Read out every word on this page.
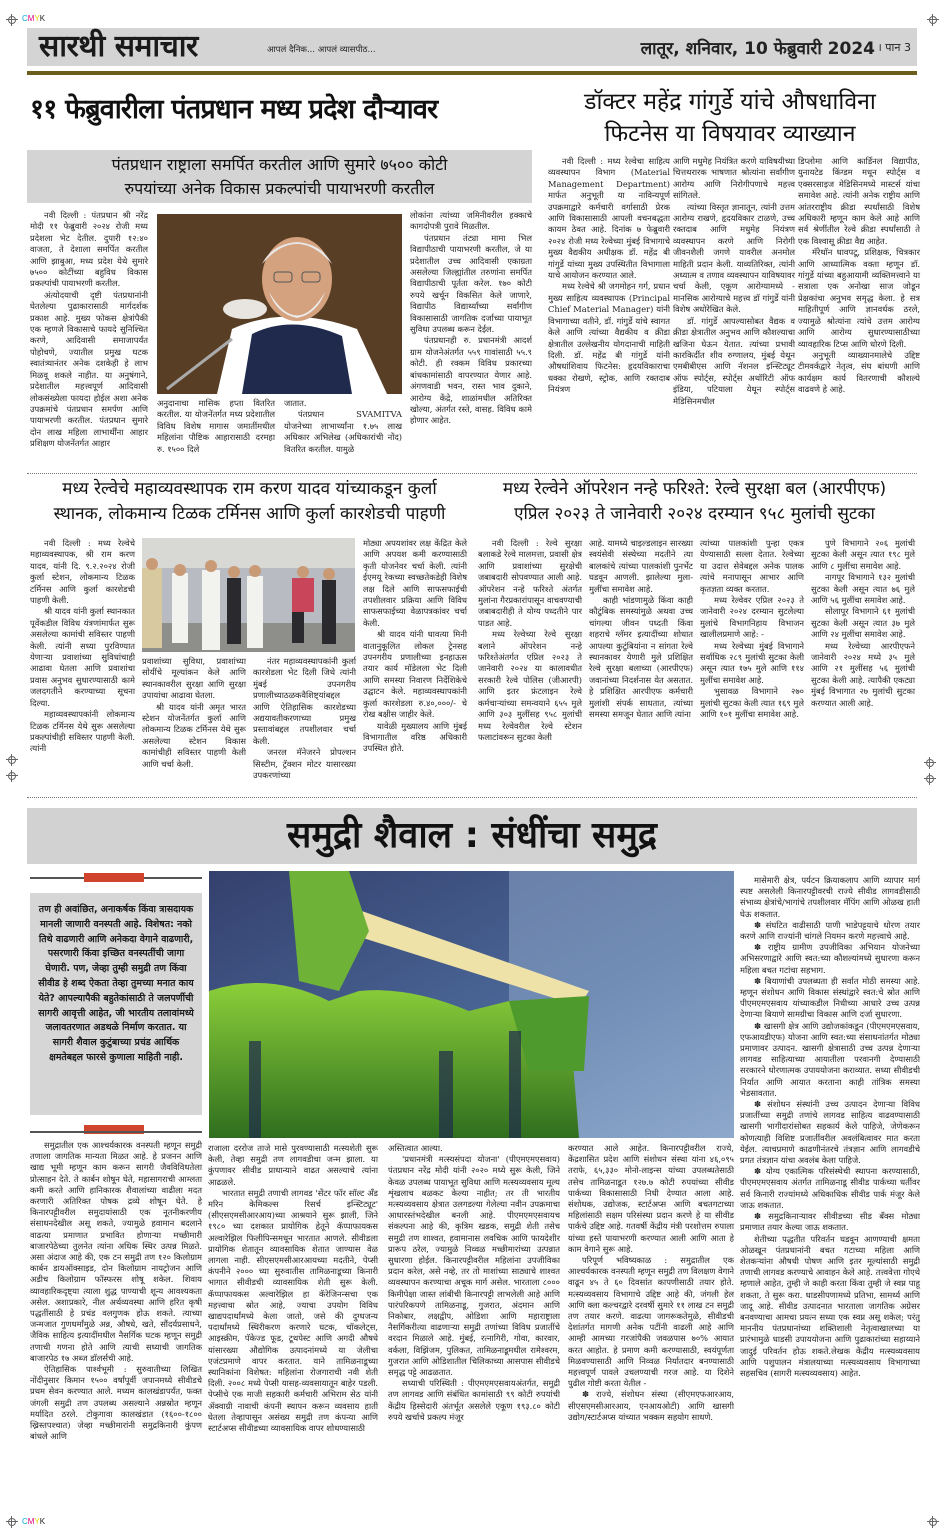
CMYK
CMYK
सारथी समाचार	आपलं दैनिक... आपलं व्यासपीठ...	लातूर, शनिवार, 10 फेब्रुवारी 2024 । पान 3
११ फेब्रुवारीला पंतप्रधान मध्य प्रदेश दौऱ्यावर
पंतप्रधान राष्ट्राला समर्पित करतील आणि सुमारे ७५०० कोटी
रुपयांच्या अनेक विकास प्रकल्पांची पायाभरणी करतील

नवी दिल्ली : पंतप्रधान श्री नरेंद्र मोदी ११ फेब्रुवारी २०२४ रोजी मध्य प्रदेशला भेट देतील. दुपारी १२:४० वाजता, ते देशाला समर्पित करतील आणि झाबुआ, मध्य प्रदेश येथे सुमारे ७५०० कोटींच्या बहुविध विकास प्रकल्पांची पायाभरणी करतील.

अंत्योदयाची दृष्टी पंतप्रधानांनी घेतलेल्या पुढाकारासाठी मार्गदर्शक प्रकाश आहे. मुख्य फोकस क्षेत्रांपैकी एक म्हणजे विकासाचे फायदे सुनिश्चित करणे, आदिवासी समाजापर्यंत पोहोचणे, ज्यातील प्रमुख घटक स्वातंत्र्यानंतर अनेक दशकेही हे लाभ मिळवू शकले नाहीत. या अनुषंगाने, प्रदेशातील महत्त्वपूर्ण आदिवासी लोकसंख्येला फायदा होईल अशा अनेक उपक्रमांचे पंतप्रधान समर्पण आणि पायाभरणी करतील. पंतप्रधान सुमारे दोन लाख महिला लाभार्थींना आहार प्रशिक्षण योजनेंतर्गत आहार

अनुदानाचा मासिक हप्ता वितरित करतील. या योजनेंतर्गत मध्य प्रदेशातील विविध विशेष मागास जमातींमधील महिलांना पौष्टिक आहारासाठी दरमहा रु. १५०० दिले

जातात.

पंतप्रधान SVAMITVA योजनेच्या लाभार्थ्यांना १.७५ लाख अधिकार अभिलेख (अधिकारांची नोंद) वितरित करतील. यामुळे

लोकांना त्यांच्या जमिनीवरील हक्काचे कागदोपत्री पुरावे मिळतील.

पंतप्रधान तंट्या मामा भिल विद्यापीठाची पायाभरणी करतील, जे या प्रदेशातील उच्च आदिवासी एकाग्रता असलेल्या जिल्ह्यांतील तरुणांना समर्पित विद्यापीठाची पूर्तता करेल. १७० कोटी रुपये खर्चून विकसित केले जाणारे, विद्यापीठ विद्यार्थ्यांच्या सर्वांगीण विकासासाठी जागतिक दर्जाच्या पायाभूत सुविधा उपलब्ध करून देईल.

पंतप्रधानही रु. प्रधानमंत्री आदर्श ग्राम योजनेअंतर्गत ५५९ गावांसाठी ५५.९ कोटी. ही रक्कम विविध प्रकारच्या बांधकामांसाठी वापरण्यात येणार आहे. अंगणवाडी भवन, रास्त भाव दुकाने, आरोग्य केंद्रे, शाळांमधील अतिरिक्त खोल्या, अंतर्गत रस्ते, वासह. विविध कामे होणार आहेत.

डॉक्टर महेंद्र गांगुर्डे यांचे औषधाविना
फिटनेस या विषयावर व्याख्यान

नवी दिल्ली : मध्य रेल्वेचा साहित्य व्यवस्थापन विभाग (Material Management Department) मार्फत अनुभूती या नाविन्यपूर्ण उपक्रमाद्वारे कर्मचारी वर्गासाठी प्रेरक आणि विकासासाठी आपली वचनबद्धता कायम ठेवत आहे. दिनांक ७ फेब्रुवारी २०२४ रोजी मध्य रेल्वेच्या मुंबई विभागाचे मुख्य वैद्यकीय अधीक्षक डॉ. महेंद्र बी गांगुर्डे यांच्या मुख्य उपस्थितीत विभागाला याचे आयोजन करण्यात आले.

मध्य रेल्वेचे श्री जगमोहन गर्ग, प्रधान मुख्य साहित्य व्यवस्थापक (Principal Chief Material Manager) यांनी विभागाच्या वतीने, डॉ. गांगुर्डे यांचे स्वागत केले आणि त्यांच्या वैद्यकीय व क्रीडा क्षेत्रातील उल्लेखनीय योगदानाची माहिती दिली. डॉ. महेंद्र बी गांगुर्डे यांनी औषधांशिवाय फिटनेस: हृदयविकाराचा धक्का रोखणे, स्ट्रोक, आणि रक्तदाब नियंत्रण

आणि मधुमेह नियंत्रित करणे याविषयीच्या चित्तथरारक भाषणात श्रोत्यांना सर्वांगीण आरोग्य आणि निरोगीपणाचे महत्त्व सांगितले.

त्यांच्या विस्तृत ज्ञानातून, त्यांनी उत्तम आरोग्य राखणे, हृदयविकार टाळणे, उच्च रक्तदाब आणि मधुमेह नियंत्रण व्यवस्थापन करणे आणि निरोगी जीवनशैली जगणे यावरील अनमोल माहिती प्रदान केली. याव्यतिरिक्त, त्यांनी अध्यात्म व तणाव व्यवस्थापन याविषयावर चर्चा केली, एकूण आरोग्यामध्ये - मानसिक आरोग्याचे महत्त्व डॉ गांगुर्डे यांनी विशेष अधोरेखित केले.

डॉ. गांगुर्डे आपल्यासोबत वैद्यक व क्रीडा क्षेत्रातील अनुभव आणि कौशल्याचा खजिना घेऊन येतात. त्यांच्या प्रभावी कारकिर्दीत शीव रुग्णालय, मुंबई येथून एमबीबीएस आणि नॅशनल इन्स्टिट्यूट ऑफ स्पोर्ट्स, स्पोर्ट्स अथॉरिटी ऑफ इंडिया, पटियाला येथून स्पोर्ट्स मेडिसिनमधील

डिप्लोमा आणि कार्डिनल विद्यापीठ, युनायटेड किंग्डम मधून स्पोर्ट्स व एक्सरसाइज मेडिसिनमध्ये मास्टर्स यांचा समावेश आहे. त्यांनी अनेक राष्ट्रीय आणि आंतरराष्ट्रीय क्रीडा स्पर्धांसाठी विशेष अधिकारी म्हणून काम केले आहे आणि सर्व श्रेणींतील रेल्वे क्रीडा स्पर्धांसाठी ते एक विश्वासू क्रीडा वैद्य आहेत.

मॅरेथॉन धावपटू, प्रशिक्षक, चित्रकार आणि आध्यात्मिक वक्ता म्हणून डॉ. गांगुर्डे यांच्या बहुआयामी व्यक्तिमत्त्वाने या सत्राला एक अनोखा साज जोडून प्रेक्षकांचा अनुभव समृद्ध केला. हे सत्र माहितीपूर्ण आणि ज्ञानवर्धक ठरले, ज्यामुळे श्रोत्यांना त्यांचे उत्तम आरोग्य आणि आरोग्य सुधारण्यासाठीच्या व्यावहारिक टिप्स आणि धोरणे दिली.

अनुभूती व्याख्यानमालेचे उद्दिष्ट टीमवर्कद्वारे नेतृत्व, संघ बांधणी आणि कार्यक्षम कार्य वितरणाची कौशल्ये वाढवणे हे आहे.

मध्य रेल्वेचे महाव्यवस्थापक राम करण यादव यांच्याकडून कुर्ला
स्थानक, लोकमान्य टिळक टर्मिनस आणि कुर्ला कारशेडची पाहणी

नवी दिल्ली : मध्य रेल्वेचे महाव्यवस्थापक, श्री राम करण यादव, यांनी दि. ९.२.२०२४ रोजी कुर्ला स्टेशन, लोकमान्य टिळक टर्मिनस आणि कुर्ला कारशेडची पाहणी केली.

श्री यादव यांनी कुर्ला स्थानकात पूर्वेकडील विविध यंत्रणांमार्फत सुरू असलेल्या कामांची सविस्तर पाहणी केली. त्यांनी सध्या पुरविण्यात येणाऱ्या प्रवाशांच्या सुविधांचाही आढावा घेतला आणि प्रवाशांचा प्रवास अनुभव सुधारण्यासाठी कामे जलदगतीने करण्याच्या सूचना दिल्या.

महाव्यवस्थापकांनी लोकमान्य टिळक टर्मिनस येथे सुरू असलेल्या प्रकल्पांचीही सविस्तर पाहणी केली. त्यांनी

प्रवाशांच्या सुविधा, प्रवाशांच्या सोयींचे मूल्यांकन केले आणि स्थानकावरील सुरक्षा आणि सुरक्षा उपायांचा आढावा घेतला.

श्री यादव यांनी अमृत भारत स्टेशन योजनेंतर्गत कुर्ला आणि लोकमान्य टिळक टर्मिनस येथे सुरू असलेल्या स्टेशन विकास कामांचीही सविस्तर पाहणी केली आणि चर्चा केली.

नंतर महाव्यवस्थापकांनी कुर्ला कारशेडला भेट दिली जिथे त्यांनी मुंबई उपनगरीय प्रणालीच्याठळकवैशिष्ट्यांबद्दल आणि ऐतिहासिक कारशेडच्या अद्ययावतीकरणाच्या प्रमुख प्रस्तावांबद्दल तपशीलवार चर्चा केली.

जनरल मॅनेजरने प्रोपल्शन सिस्टीम, ट्रॅक्शन मोटर यासारख्या उपकरणांच्या

मोठ्या अपयशांवर लक्ष केंद्रित केले आणि अपयश कमी करण्यासाठी कृती योजनेवर चर्चा केली. त्यांनी ईएमयू रेकच्या स्वच्छतेकडेही विशेष लक्ष दिले आणि साफसफाईची तपशीलवार प्रक्रिया आणि विविध साफसफाईच्या वेळापत्रकांवर चर्चा केली.

श्री यादव यांनी धावत्या मिनी वातानुकूलित लोकल ट्रेनसह उपनगरीय प्रणालीच्या इनहाऊस तयार कार्य मॉडेलला भेट दिली आणि समस्या निवारण निर्देशिकेचे उद्घाटन केले. महाव्यवस्थापकांनी कुर्ला कारशेडला रु.४०,०००/- चे रोख बक्षीस जाहीर केले.

यावेळी मुख्यालय आणि मुंबई विभागातील वरिष्ठ अधिकारी उपस्थित होते.

मध्य रेल्वेने ऑपरेशन नन्हे फरिश्ते: रेल्वे सुरक्षा बल (आरपीएफ)
एप्रिल २०२३ ते जानेवारी २०२४ दरम्यान ९५८ मुलांची सुटका

नवी दिल्ली : रेल्वे सुरक्षा बलाकडे रेल्वे मालमत्ता, प्रवासी क्षेत्र आणि प्रवाशांच्या सुरक्षेची जबाबदारी सोपवण्यात आली आहे. ऑपरेशन नन्हे फरिश्ते अंतर्गत मुलांना गैरप्रकारांपासून वाचवण्याची जबाबदारीही ते योग्य पध्दतीने पार पाडत आहे.

मध्य रेल्वेच्या रेल्वे सुरक्षा बलाने ऑपरेशन नन्हे फरिश्तेअंतर्गत एप्रिल २०२३ ते जानेवारी २०२४ या कालावधीत सरकारी रेल्वे पोलिस (जीआरपी) आणि इतर फ्रंटलाइन रेल्वे कर्मचाऱ्यांच्या समन्वयाने ६५५ मुले आणि ३०३ मुलींसह ९५८ मुलांची मध्य रेल्वेवरील रेल्वे स्टेशन फलाटांवरून सुटका केली

आहे. यामध्ये चाइल्डलाइन सारख्या स्वयंसेवी संस्थेच्या मदतीने त्या बालकांचे त्यांच्या पालकांशी पुनर्भेट घडवून आणली. झालेल्या मुला-मुलींचा समावेश आहे.

काही भांडणामुळे किंवा काही कौटुंबिक समस्यांमुळे अथवा उच्च चांगल्या जीवन पध्दती किंवा शहराचे ग्लॅमर इत्यादींच्या शोधात आपल्या कुटुंबियांना न सांगता रेल्वे स्थानकावर येणारी मुले प्रशिक्षित रेल्वे सुरक्षा बलाच्या (आरपीएफ) जवानांच्या निदर्शनास येत असतात. हे प्रशिक्षित आरपीएफ कर्मचारी मुलांशी संपर्क साधतात, त्यांच्या समस्या समजून घेतात आणि त्यांना

त्यांच्या पालकांशी पुन्हा एकत्र येण्यासाठी सल्ला देतात. रेल्वेच्या या उदात्त सेवेबद्दल अनेक पालक त्यांचे मनापासून आभार आणि कृतज्ञता व्यक्त करतात.

मध्य रेल्वेवर एप्रिल २०२३ ते जानेवारी २०२४ दरम्यान सुटलेल्या मुलांचे विभागनिहाय विभाजन खालीलप्रमाणे आहे: -

मध्य रेल्वेच्या मुंबई विभागाने सर्वाधिक २८९ मुलांची सुटका केली असून त्यात १७५ मुले आणि ११४ मुलींचा समावेश आहे.

भुसावळ विभागाने २७० मुलांची सुटका केली त्यात १६९ मुले आणि १०१ मुलींचा समावेश आहे.

पुणे विभागाने २०६ मुलांची सुटका केली असून त्यात १९८ मुले आणि ८ मुलींचा समावेश आहे.

नागपूर विभागाने १३२ मुलांची सुटका केली असून त्यात ७६ मुले आणि ५६ मुलींचा समावेश आहे.

सोलापूर विभागाने ६१ मुलांची सुटका केली असून त्यात ३७ मुले आणि २४ मुलींचा समावेश आहे.

मध्य रेल्वेच्या आरपीएफने जानेवारी २०२४ मध्ये ३५ मुले आणि २१ मुलींसह ५६ मुलांची सुटका केली आहे. त्यापैकी एकट्या मुंबई विभागात २७ मुलांची सुटका करण्यात आली आहे.

समुद्री शैवाल : संधींचा समुद्र
तण ही अवांछित, अनाकर्षक किंवा त्रासदायक मानली जाणारी वनस्पती आहे. विशेषत: नको तिथे वाढणारी आणि अनेकदा वेगाने वाढणारी, पसरणारी किंवा इच्छित वनस्पतींची जागा घेणारी. पण, जेव्हा तुम्ही समुद्री तण किंवा सीवीड हे शब्द ऐकता तेव्हा तुमच्या मनात काय येते? आपल्यापैकी बहुतेकांसाठी ते जलपर्णीची सागरी आवृत्ती आहेत, जी भारतीय तलावांमध्ये जलावतरणात अडथळे निर्माण करतात. या सागरी शैवाल कुटुंबाच्या प्रचंड आर्थिक क्षमतेबद्दल फारसे कुणाला माहिती नाही.

मासेमारी क्षेत्र, पर्यटन क्रियाकलाप आणि व्यापार मार्ग स्पष्ट असलेली किनारपट्टीवरची राज्ये सीवीड लागवडीसाठी संभाव्य क्षेत्रांचे/भागांचे तपशीलवार मॅपिंग आणि ओळख हाती घेऊ शकतात.

✽ संघटित वाढीसाठी पाणी भाडेपट्टयाचे धोरण तयार करणे आणि राज्यांनी चांगले नियमन करणे महत्त्वाचे आहे.

✽ राष्ट्रीय ग्रामीण उपजीविका अभियान योजनेच्या अभिसरणाद्वारे आणि स्वत:च्या कौशल्यांमध्ये सुधारणा करून महिला बचत गटांचा सहभाग.

✽ बियाणांची उपलब्धता ही सर्वात मोठी समस्या आहे. म्हणून संशोधन आणि विकास संस्थांद्वारे स्वत:चे स्रोत आणि पीएमएमएसवाय यांच्याकडील निधीच्या आधारे उच्च उत्पन्न देणाऱ्या बियाणे सामग्रीचा विकास आणि दर्जा सुधारणा.

✽ खासगी क्षेत्र आणि उद्योजकांकडून (पीएमएमएसवाय, एफआयडीएफ) योजना आणि स्वत:च्या संसाधनांतर्गत मोठ्या प्रमाणावर उत्पादन. खासगी क्षेत्रासाठी उच्च उत्पन्न देणाऱ्या लागवड साहित्याच्या आयातीला परवानगी देण्यासाठी सरकारने धोरणात्मक उपाययोजना कराव्यात. सध्या सीवीडची निर्यात आणि आयात करताना काही तांत्रिक समस्या भेडसावतात.

✽ संशोधन संस्थांनी उच्च उत्पादन देणाऱ्या विविध प्रजातींच्या समुद्री तणांचे लागवड साहित्य वाढवण्यासाठी खासगी भागीदारांसोबत सहकार्य केले पाहिजे, जेणेकरून कोणत्याही विशिष्ट प्रजातींवरील अवलंबित्वावर मात करता येईल. त्याचप्रमाणे काढणीनंतरचे तंत्रज्ञान आणि लागवडीचे प्रगत तंत्रज्ञान यांचा अवलंब केला पाहिजे.

✽ योग्य एकात्मिक परिसंस्थेची स्थापना करण्यासाठी, पीएमएमएसवाय अंतर्गत तामिळनाडू सीवीड पार्कच्या धर्तीवर सर्व किनारी राज्यांमध्ये अधिकाधिक सीवीड पार्क मंजूर केले जाऊ शकतात.

✽ समुद्रकिनाऱ्यावर सीवीडच्या सीड बँक्स मोठ्या प्रमाणात तयार केल्या जाऊ शकतात.

शेतीच्या पद्धतीत परिवर्तन घडवून आणण्याची क्षमता ओळखून पंतप्रधानांनी बचत गटाच्या महिला आणि शेतकऱ्यांना औषधी पोषण आणि इतर मूल्यांसाठी समुद्री तणाची लागवड करण्याचे आवाहन केले आहे. तत्त्ववेत्ता गोएथे म्हणाले आहेत, तुम्ही जे काही करता किंवा तुम्ही जे स्वप्न पाहू शकता, ते सुरू करा. धाडसीपणामध्ये प्रतिभा, सामर्थ्य आणि जादू आहे. सीवीड उत्पादनात भारताला जागतिक अग्रेसर बनवण्याचा आमचा प्रयत्न सध्या एक स्वप्न असू शकेल; परंतु माननीय पंतप्रधानांच्या शक्तिशाली नेतृत्वाखालच्या या प्रारंभामुळे धाडसी उपाययोजना आणि पुढाकारांच्या सहाय्याने जादुई परिवर्तन होऊ शकते.लेखक केंद्रीय मत्स्यव्यवसाय आणि पशुपालन मंत्रालयाच्या मत्स्यव्यवसाय विभागाच्या सहसचिव (सागरी मत्स्यव्यवसाय) आहेत.

समुद्रातील एक आश्चर्यकारक वनस्पती म्हणून समुद्री तणाला जागतिक मान्यता मिळत आहे. हे प्रजनन आणि खाद्य भूमी म्हणून काम करून सागरी जैवविविधतेला प्रोत्साहन देते. ते कार्बन शोषून घेते, महासागराची आम्लता कमी करते आणि हानिकारक शैवालांच्या वाढीला मदत करणारी अतिरिक्त पोषक द्रव्ये शोषून घेते. हे किनारपट्टीवरील समुदायांसाठी एक नूतनीकरणीय संसाधनदेखील असू शकते, ज्यामुळे हवामान बदलाने वाढत्या प्रमाणात प्रभावित होणाऱ्या मच्छीमारी बाजारपेठेच्या तुलनेत त्यांना अधिक स्थिर उत्पन्न मिळते. असा अंदाज आहे की, एक टन समुद्री तण १२० किलोग्राम कार्बन डायऑक्साइड, दोन किलोग्राम नायट्रोजन आणि अडीच किलोग्राम फॉस्फरस शोषू शकेल. शिवाय व्यावहारिकदृष्ट्या त्याला शुद्ध पाण्याची शून्य आवश्यकता असेल. अशाप्रकारे, नील अर्थव्यवस्था आणि हरित कृषी पद्धतींसाठी हे प्रचंड वलगुणक होऊ शकते. त्याच्या जन्मजात गुणधर्मांमुळे अन्न, औषधे, खते, सौंदर्यप्रसाधने, जैविक साहित्य इत्यादींमधील नैसर्गिक घटक म्हणून समुद्री तणाची गणना होते आणि त्याची सध्याची जागतिक बाजारपेठ १७ अब्ज डॉलर्सची आहे.

ऐतिहासिक पार्श्वभूमी : सुरुवातीच्या लिखित नोंदीनुसार किमान १५०० वर्षांपूर्वी जपानमध्ये सीवीडचे प्रथम सेवन करण्यात आले. मध्यम कालखंडापर्यंत, फक्त जंगली समुद्री तण उपलब्ध असल्याने अन्नस्रोत म्हणून मर्यादित ठरले. टोकुगावा कालखंडात (१६००-१८०० ख्रिस्तपश्चात) जेव्हा मच्छीमारांनी समुद्रकिनारी कुंपण बांधले आणि

राजाला दररोज ताजे मासे पुरवण्यासाठी मत्स्यशेती सुरू केली, तेव्हा समुद्री तण लागवडीचा जन्म झाला. या कुंपणावर सीवीड प्राधान्याने वाढत असल्याचे त्यांना आढळले.

भारतात समुद्री तणाची लागवड 'सेंटर फॉर सॉल्ट अँड मरिन केमिकल्स रिसर्च इन्स्टिट्यूट' (सीएसएमसीआरआय)च्या आश्रयाने सुरू झाली, जिने १९८० च्या दशकात प्रायोगिक हेतूने कॅप्पाफायकस अल्वारेझिल फिलीपिन्समधून भारतात आणले. सीवीडला प्रायोगिक शेतातून व्यावसायिक शेतात जाण्यास वेळ लागला नाही. सीएसएमसीआरआयच्या मदतीने, पेप्सी कंपनीने २००० च्या सुरुवातीस तामिळनाडूच्या किनारी भागात सीवीडची व्यावसायिक शेती सुरू केली. कॅप्पाफायकस अल्वारेझिल हा कॅरेजिनन्सचा एक महत्त्वाचा स्रोत आहे, ज्याचा उपयोग विविध खाद्यपदार्थांमध्ये केला जातो, जसे की दुग्धजन्य पदार्थांमध्ये स्थिरीकरण करणारे घटक, चॉकलेट्स, आइस्क्रीम, पॅकेज्ड फूड, टूथपेस्ट आणि अगदी औषधे यांसारख्या औद्योगिक उत्पादनांमध्ये या जेलीचा एजंटप्रमाणे वापर करतात. याने तामिळनाडूच्या स्थानिकांना विशेषत: महिलांना रोजगाराची नवी शेती दिली. २००८ मध्ये पेप्सी यासह-व्यवसायातून बाहेर पडली. पेप्सीचे एक माजी सहकारी कर्मचारी अभिराम सेठ यांनी ॲक्वाग्री नावाची कंपनी स्थापन करून व्यवसाय हाती घेतला तेव्हापासून असंख्य समुद्री तण कंपन्या आणि स्टार्टअप्स सीवीडच्या व्यावसायिक वापर शोधण्यासाठी

अस्तित्वात आल्या.

'प्रधानमंत्री मत्स्यसंपदा योजना' (पीएमएमएसवाय) पंतप्रधान नरेंद्र मोदी यांनी २०२० मध्ये सुरू केली, जिने केवळ उपलब्ध पायाभूत सुविधा आणि मत्स्यव्यवसाय मूल्य शृंखलाच बळकट केल्या नाहीत; तर ती भारतीय मत्स्यव्यवसाय क्षेत्रात उलगडल्या गेलेल्या नवीन उपक्रमाचा आधारस्तंभदेखील बनली आहे. पीएमएमएसवायच संकल्पना आहे की, कृत्रिम खडक, समुद्री शेती तसेच समुद्री तण शाश्वत, हवामानास लवचिक आणि फायदेशीर प्रारूप ठरेल, ज्यामुळे निव्वळ मच्छीमारांच्या उत्पन्नात सुधारणा होईल. किनारपट्टीवरील महिलांना उपजीविका प्रदान करेल, असे नव्हे, तर तो माशांच्या साठ्याचे शाश्वत व्यवस्थापन करण्याचा अचूक मार्ग असेल. भारताला ८००० किमीपेक्षा जास्त लांबीची किनारपट्टी लाभलेली आहे आणि पारंपरिकपणे तामिळनाडू, गुजरात, अंदमान आणि निकोबार, लक्षद्वीप, ओडिशा आणि महाराष्ट्राला नैसर्गिकरीत्या वाढणाऱ्या समुद्री तणांच्या विविध प्रजातींचे वरदान मिळाले आहे. मुंबई, रत्नागिरी, गोवा, कारवार, वर्कला, विझिंजम, पुलिकत, तामिळनाडूमधील रामेश्वरम, गुजरात आणि ओडिशातील चिलिकाच्या आसपास सीवीडचे समृद्ध पट्टे आढळतात.

सध्याची परिस्थिती : पीएमएमएसवायअंतर्गत, समुद्री तण लागवड आणि संबंधित कामांसाठी ९९ कोटी रुपयांची केंद्रीय हिस्सेदारी अंतर्भूत असलेले एकूण १९३.८० कोटी रुपये खर्चाचे प्रकल्प मंजूर

करण्यात आले आहेत. किनारपट्टीवरील राज्ये, केंद्रशासित प्रदेश आणि संशोधन संस्था यांना ४६,०९५ तराफे, ६५,३३० मोनो-लाइन्स यांच्या उपलब्धतेसाठी तसेच तामिळनाडूत १२७.७ कोटी रुपयांच्या सीवीड पार्कच्या विकासासाठी निधी देण्यात आला आहे. संशोधक, उद्योजक, स्टार्टअप्स आणि बचतगटाच्या महिलांसाठी सक्षम परिसंस्था प्रदान करणे हे या सीवीड पार्कचे उद्दिष्ट आहे. गतवर्षी केंद्रीय मंत्री परशोत्तम रुपाला यांच्या हस्ते पायाभरणी करण्यात आली आणि आता हे काम वेगाने सुरू आहे.

परिपूर्ण भविष्यकाळ : समुद्रातील एक आश्चर्यकारक वनस्पती म्हणून समुद्री तण विलक्षण वेगाने वाढून ४५ ते ६० दिवसांत कापणीसाठी तयार होते. मत्स्यव्यवसाय विभागाचे उद्दिष्ट आहे की, जंगली हेल आणि क्ला कल्चरद्वारे दरवर्षी सुमारे ११ लाख टन समुद्री तण तयार करणे. वाढत्या जागरूकतेमुळे, सीवीडची देशांतर्गत मागणी अनेक पटींनी वाढली आहे आणि आम्ही आमच्या गरजांपैकी जवळपास ७०% आयात करत आहोत. हे प्रमाण कमी करण्यासाठी, स्वयंपूर्णता मिळवण्यासाठी आणि निव्वळ निर्यातदार बनण्यासाठी महत्त्वपूर्ण पावले उचलण्याची गरज आहे. या दिशेने पुढील गोष्टी करता येतील -

✽ राज्ये, संशोधन संस्था (सीएमएफआरआय, सीएसएमसीआरआय, एनआयओटी) आणि खासगी उद्योग/स्टार्टअप्स यांच्यात भक्कम सहयोग साधणे.
